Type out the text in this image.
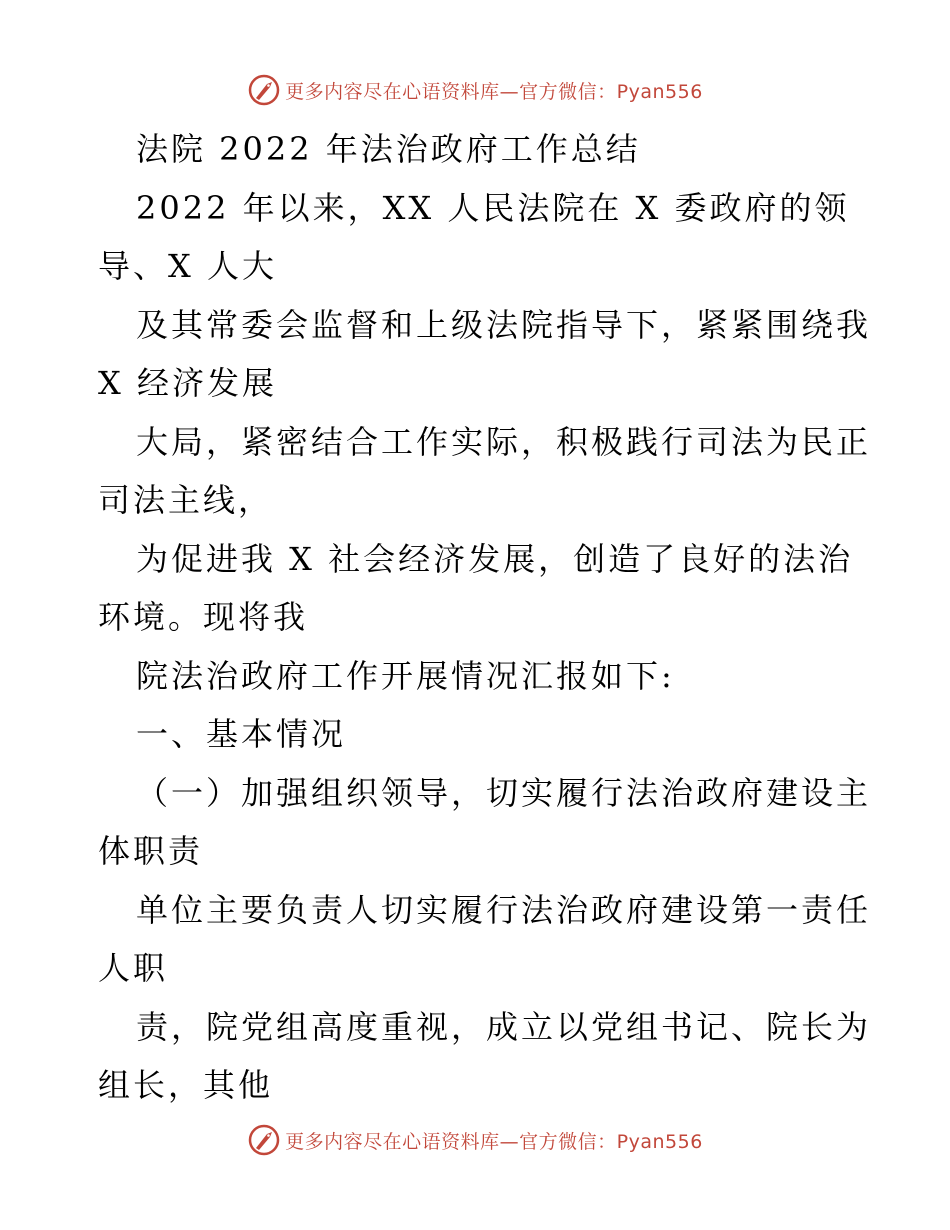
更多内容尽在心语资料库—官方微信：Pyan556
法院 2022 年法治政府工作总结
2022 年以来，XX 人民法院在 X 委政府的领
导、X 人大
及其常委会监督和上级法院指导下，紧紧围绕我
X 经济发展
大局，紧密结合工作实际，积极践行司法为民正
司法主线，
为促进我 X 社会经济发展，创造了良好的法治
环境。现将我
院法治政府工作开展情况汇报如下:
一、基本情况
（一）加强组织领导，切实履行法治政府建设主
体职责
单位主要负责人切实履行法治政府建设第一责任
人职
责，院党组高度重视，成立以党组书记、院长为
组长，其他
更多内容尽在心语资料库—官方微信：Pyan556
